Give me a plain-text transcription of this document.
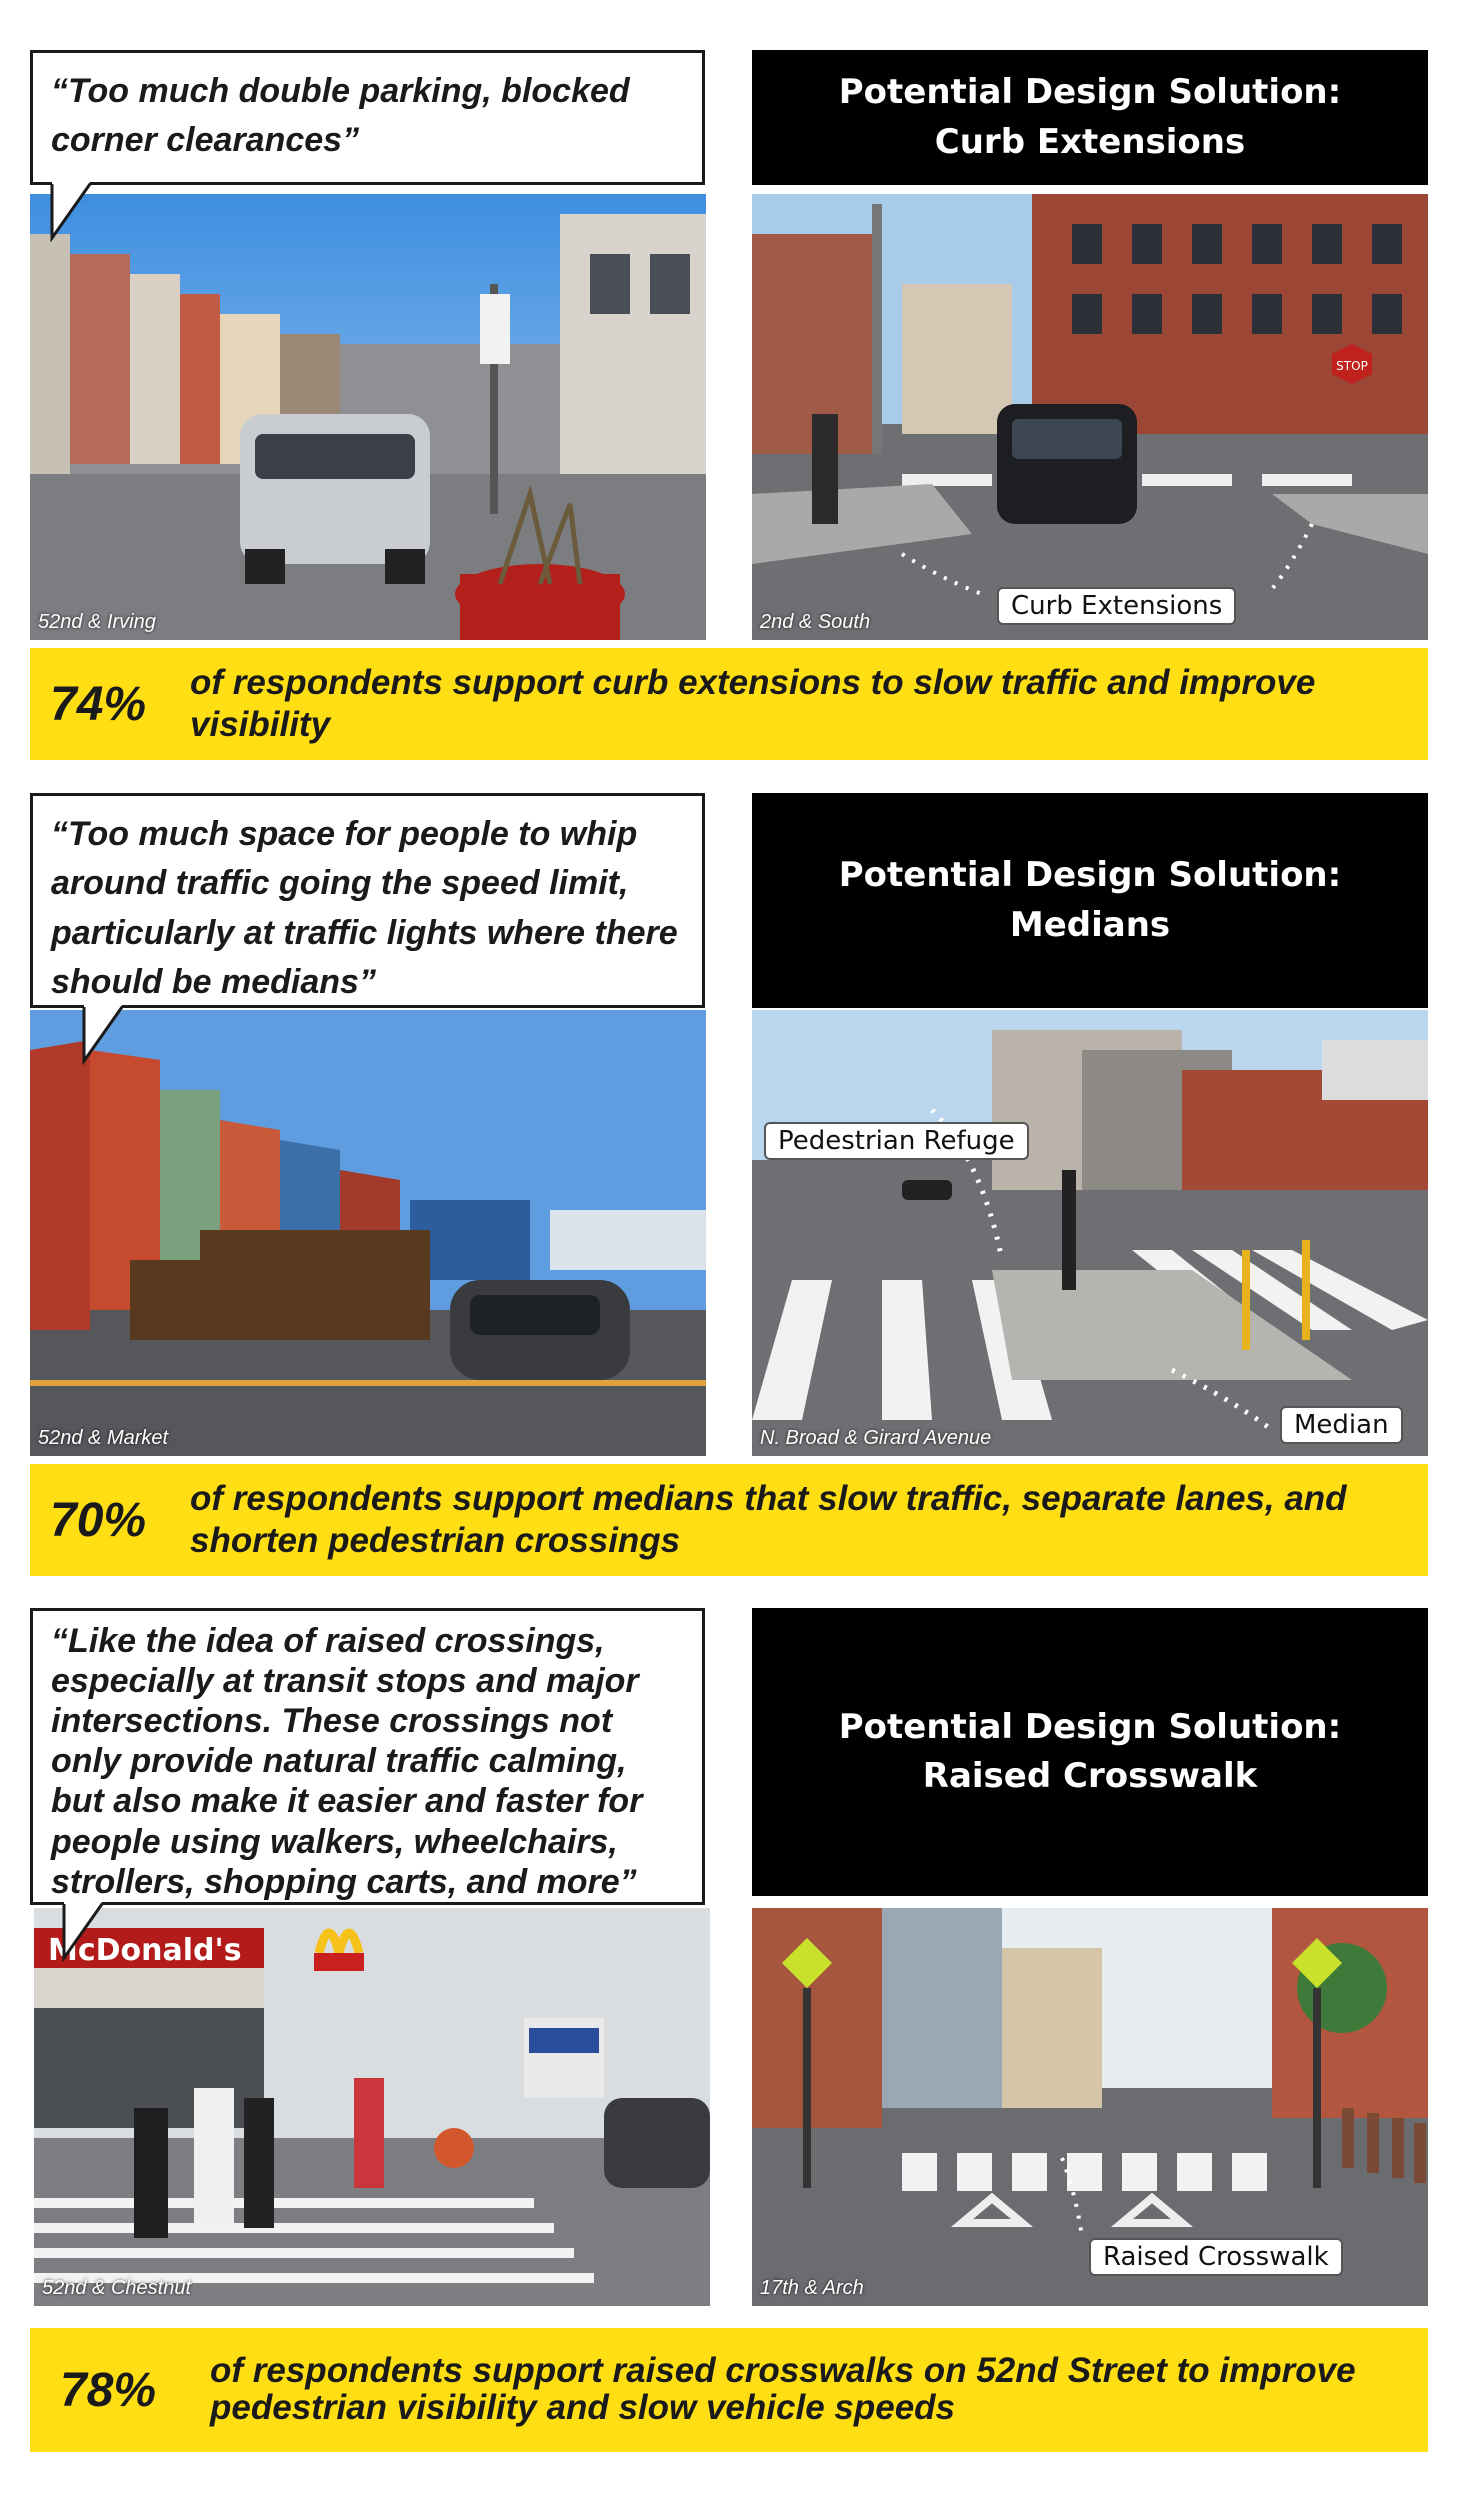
“Too much double parking, blocked corner clearances”
52nd & Irving
Potential Design Solution:
Curb Extensions
STOP
Curb Extensions
2nd & South
74%	of respondents support curb extensions to slow traffic and improve visibility
“Too much space for people to whip around traffic going the speed limit, particularly at traffic lights where there should be medians”
52nd & Market
Potential Design Solution:
Medians
Pedestrian Refuge
Median
N. Broad & Girard Avenue
70%	of respondents support medians that slow traffic, separate lanes, and shorten pedestrian crossings
“Like the idea of raised crossings, especially at transit stops and major intersections. These crossings not only provide natural traffic calming, but also make it easier and faster for people using walkers, wheelchairs, strollers, shopping carts, and more”
McDonald's
52nd & Chestnut
Potential Design Solution:
Raised Crosswalk
Raised Crosswalk
17th & Arch
78%	of respondents support raised crosswalks on 52nd Street to improve pedestrian visibility and slow vehicle speeds
